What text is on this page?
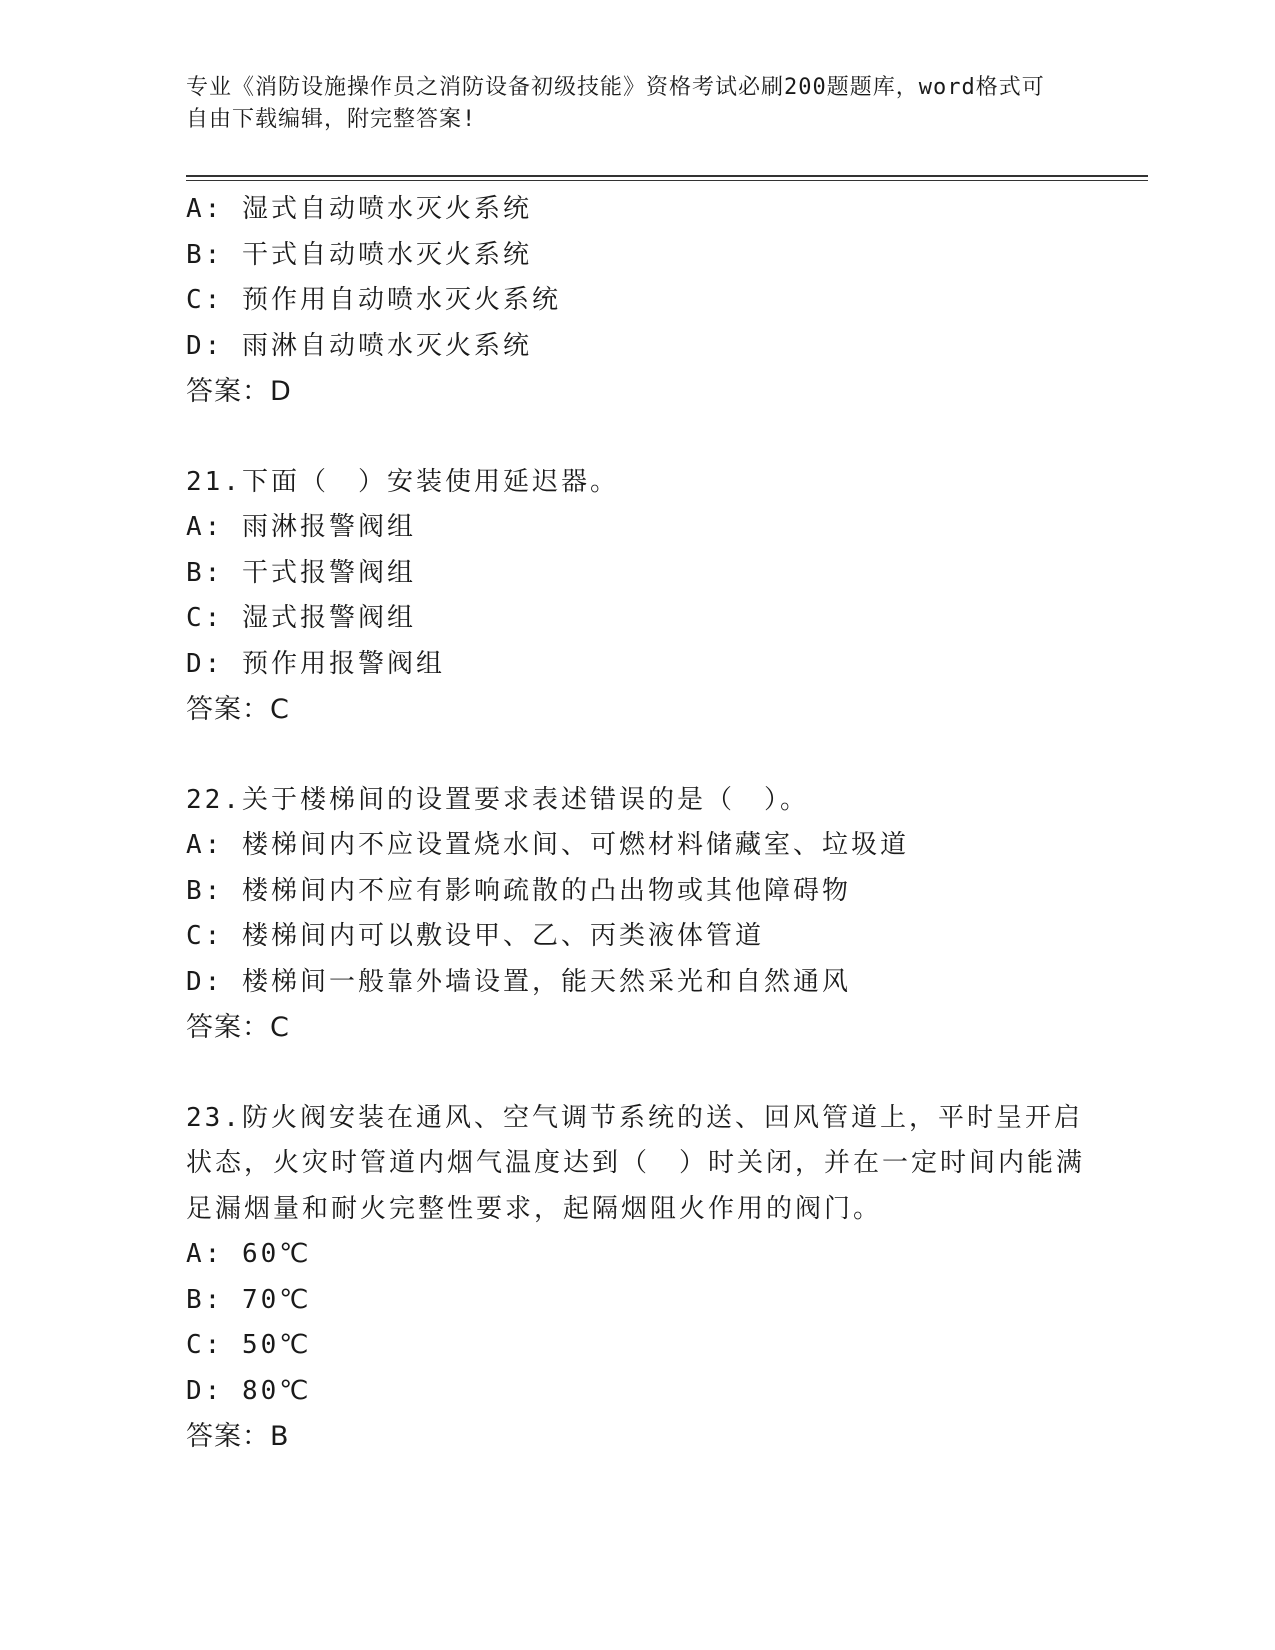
专业《消防设施操作员之消防设备初级技能》资格考试必刷200题题库，word格式可自由下载编辑，附完整答案!
A: 湿式自动喷水灭火系统
B: 干式自动喷水灭火系统
C: 预作用自动喷水灭火系统
D: 雨淋自动喷水灭火系统
答案：D
21.下面（　）安装使用延迟器。
A: 雨淋报警阀组
B: 干式报警阀组
C: 湿式报警阀组
D: 预作用报警阀组
答案：C
22.关于楼梯间的设置要求表述错误的是（　）。
A: 楼梯间内不应设置烧水间、可燃材料储藏室、垃圾道
B: 楼梯间内不应有影响疏散的凸出物或其他障碍物
C: 楼梯间内可以敷设甲、乙、丙类液体管道
D: 楼梯间一般靠外墙设置，能天然采光和自然通风
答案：C
23.防火阀安装在通风、空气调节系统的送、回风管道上，平时呈开启状态，火灾时管道内烟气温度达到（　）时关闭，并在一定时间内能满足漏烟量和耐火完整性要求，起隔烟阻火作用的阀门。
A: 60℃
B: 70℃
C: 50℃
D: 80℃
答案：B
